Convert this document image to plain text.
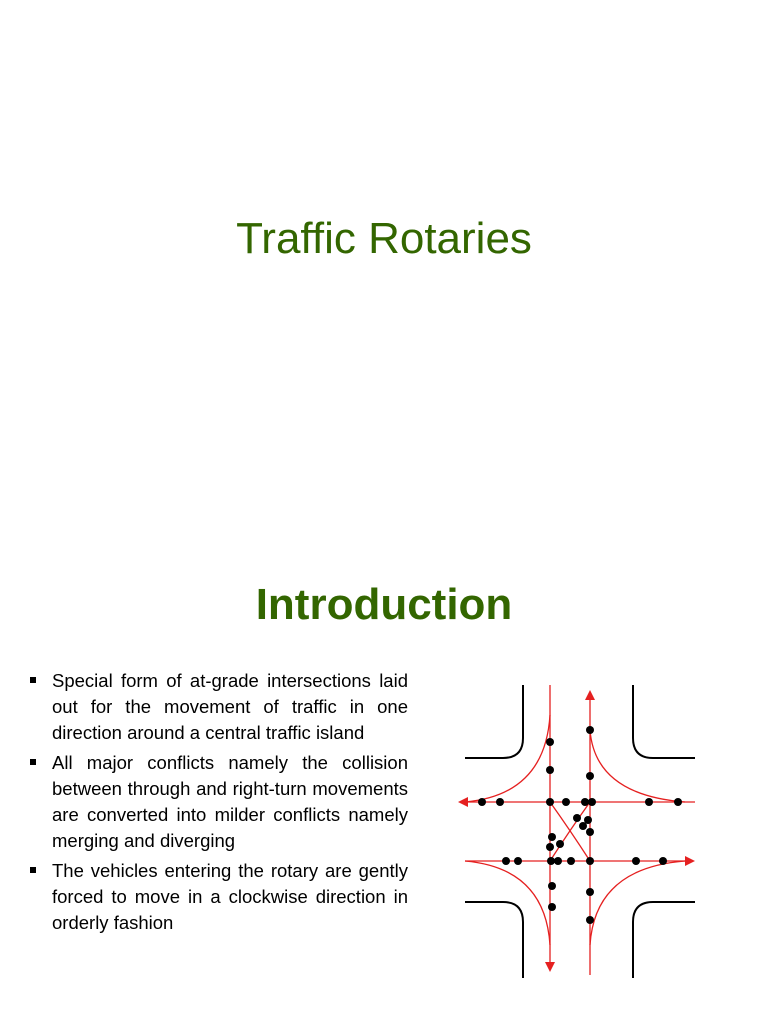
Traffic Rotaries
Introduction
Special form of at-grade intersections laid out for the movement of traffic in one direction around a central traffic island
All major conflicts namely the collision between through and right-turn movements are converted into milder conflicts namely merging and diverging
The vehicles entering the rotary are gently forced to move in a clockwise direction in orderly fashion
